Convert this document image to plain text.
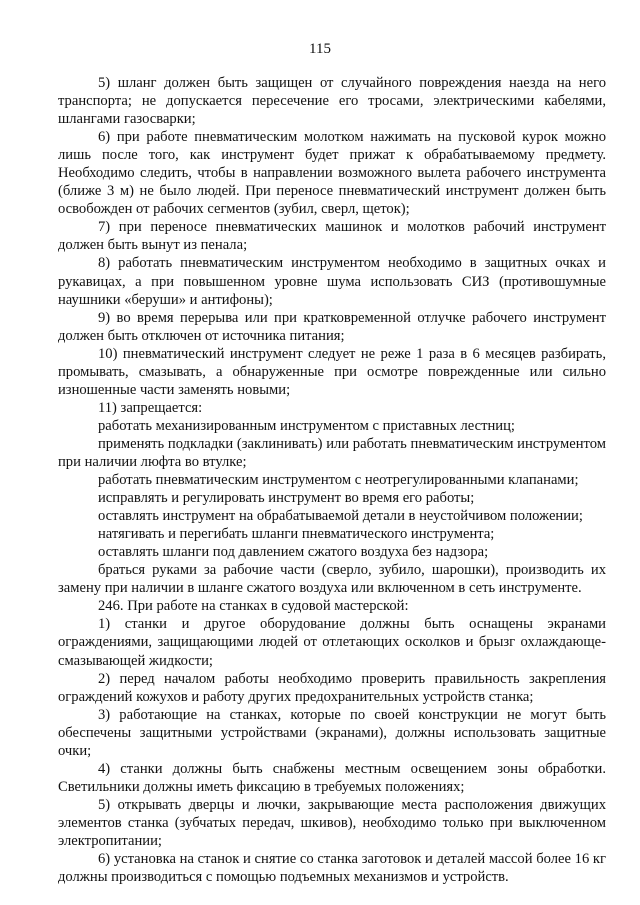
115

5) шланг должен быть защищен от случайного повреждения наезда на него транспорта; не допускается пересечение его тросами, электрическими кабелями, шлангами газосварки;

6) при работе пневматическим молотком нажимать на пусковой курок можно лишь после того, как инструмент будет прижат к обрабатываемому предмету. Необходимо следить, чтобы в направлении возможного вылета рабочего инструмента (ближе 3 м) не было людей. При переносе пневматический инструмент должен быть освобожден от рабочих сегментов (зубил, сверл, щеток);

7) при переносе пневматических машинок и молотков рабочий инструмент должен быть вынут из пенала;

8) работать пневматическим инструментом необходимо в защитных очках и рукавицах, а при повышенном уровне шума использовать СИЗ (противошумные наушники «беруши» и антифоны);

9) во время перерыва или при кратковременной отлучке рабочего инструмент должен быть отключен от источника питания;

10) пневматический инструмент следует не реже 1 раза в 6 месяцев разбирать, промывать, смазывать, а обнаруженные при осмотре поврежденные или сильно изношенные части заменять новыми;

11) запрещается:

работать механизированным инструментом с приставных лестниц;

применять подкладки (заклинивать) или работать пневматическим инструментом при наличии люфта во втулке;

работать пневматическим инструментом с неотрегулированными клапанами;

исправлять и регулировать инструмент во время его работы;

оставлять инструмент на обрабатываемой детали в неустойчивом положении;

натягивать и перегибать шланги пневматического инструмента;

оставлять шланги под давлением сжатого воздуха без надзора;

браться руками за рабочие части (сверло, зубило, шарошки), производить их замену при наличии в шланге сжатого воздуха или включенном в сеть инструменте.

246. При работе на станках в судовой мастерской:

1) станки и другое оборудование должны быть оснащены экранами ограждениями, защищающими людей от отлетающих осколков и брызг охлаждающе-смазывающей жидкости;

2) перед началом работы необходимо проверить правильность закрепления ограждений кожухов и работу других предохранительных устройств станка;

3) работающие на станках, которые по своей конструкции не могут быть обеспечены защитными устройствами (экранами), должны использовать защитные очки;

4) станки должны быть снабжены местным освещением зоны обработки. Светильники должны иметь фиксацию в требуемых положениях;

5) открывать дверцы и лючки, закрывающие места расположения движущих элементов станка (зубчатых передач, шкивов), необходимо только при выключенном электропитании;

6) установка на станок и снятие со станка заготовок и деталей массой более 16 кг должны производиться с помощью подъемных механизмов и устройств.
